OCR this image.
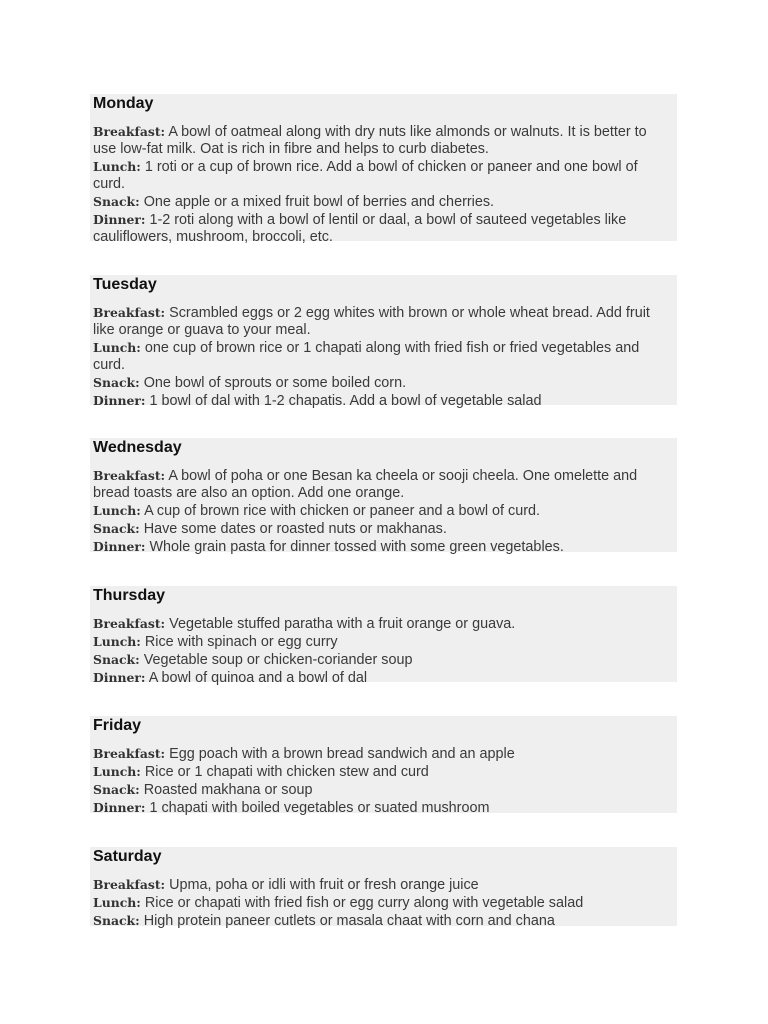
Monday
Breakfast: A bowl of oatmeal along with dry nuts like almonds or walnuts. It is better to use low-fat milk. Oat is rich in fibre and helps to curb diabetes.
Lunch: 1 roti or a cup of brown rice. Add a bowl of chicken or paneer and one bowl of curd.
Snack: One apple or a mixed fruit bowl of berries and cherries.
Dinner: 1-2 roti along with a bowl of lentil or daal, a bowl of sauteed vegetables like cauliflowers, mushroom, broccoli, etc.
Tuesday
Breakfast: Scrambled eggs or 2 egg whites with brown or whole wheat bread. Add fruit like orange or guava to your meal.
Lunch: one cup of brown rice or 1 chapati along with fried fish or fried vegetables and curd.
Snack: One bowl of sprouts or some boiled corn.
Dinner: 1 bowl of dal with 1-2 chapatis. Add a bowl of vegetable salad
Wednesday
Breakfast: A bowl of poha or one Besan ka cheela or sooji cheela. One omelette and bread toasts are also an option. Add one orange.
Lunch: A cup of brown rice with chicken or paneer and a bowl of curd.
Snack: Have some dates or roasted nuts or makhanas.
Dinner: Whole grain pasta for dinner tossed with some green vegetables.
Thursday
Breakfast: Vegetable stuffed paratha with a fruit orange or guava.
Lunch: Rice with spinach or egg curry
Snack: Vegetable soup or chicken-coriander soup
Dinner: A bowl of quinoa and a bowl of dal
Friday
Breakfast: Egg poach with a brown bread sandwich and an apple
Lunch: Rice or 1 chapati with chicken stew and curd
Snack: Roasted makhana or soup
Dinner: 1 chapati with boiled vegetables or suated mushroom
Saturday
Breakfast: Upma, poha or idli with fruit or fresh orange juice
Lunch: Rice or chapati with fried fish or egg curry along with vegetable salad
Snack: High protein paneer cutlets or masala chaat with corn and chana
